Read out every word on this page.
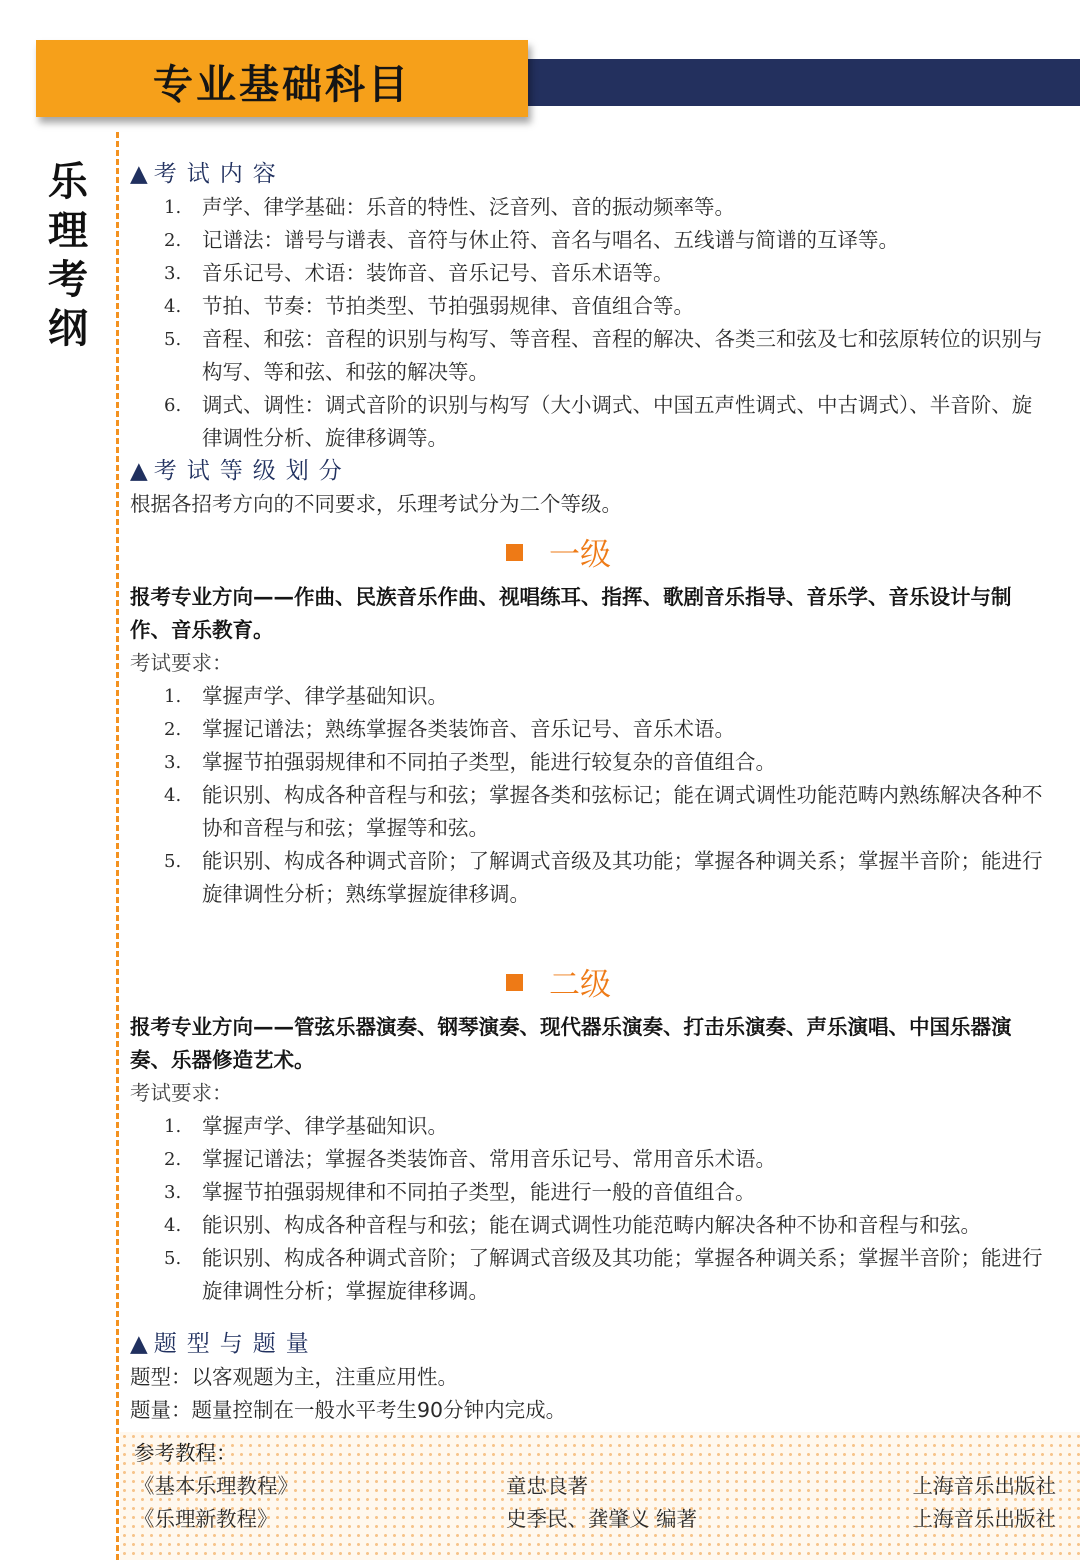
32
专业基础科目
乐
理
考
纲
▲ 考试内容
1. 声学、律学基础：乐音的特性、泛音列、音的振动频率等。
2. 记谱法：谱号与谱表、音符与休止符、音名与唱名、五线谱与简谱的互译等。
3. 音乐记号、术语：装饰音、音乐记号、音乐术语等。
4. 节拍、节奏：节拍类型、节拍强弱规律、音值组合等。
5. 音程、和弦：音程的识别与构写、等音程、音程的解决、各类三和弦及七和弦原转位的识别与构写、等和弦、和弦的解决等。
6. 调式、调性：调式音阶的识别与构写（大小调式、中国五声性调式、中古调式）、半音阶、旋律调性分析、旋律移调等。
▲ 考试等级划分
根据各招考方向的不同要求，乐理考试分为二个等级。
一级
报考专业方向——作曲、民族音乐作曲、视唱练耳、指挥、歌剧音乐指导、音乐学、音乐设计与制作、音乐教育。
考试要求：
1. 掌握声学、律学基础知识。
2. 掌握记谱法；熟练掌握各类装饰音、音乐记号、音乐术语。
3. 掌握节拍强弱规律和不同拍子类型，能进行较复杂的音值组合。
4. 能识别、构成各种音程与和弦；掌握各类和弦标记；能在调式调性功能范畴内熟练解决各种不协和音程与和弦；掌握等和弦。
5. 能识别、构成各种调式音阶；了解调式音级及其功能；掌握各种调关系；掌握半音阶；能进行旋律调性分析；熟练掌握旋律移调。
二级
报考专业方向——管弦乐器演奏、钢琴演奏、现代器乐演奏、打击乐演奏、声乐演唱、中国乐器演奏、乐器修造艺术。
考试要求：
1. 掌握声学、律学基础知识。
2. 掌握记谱法；掌握各类装饰音、常用音乐记号、常用音乐术语。
3. 掌握节拍强弱规律和不同拍子类型，能进行一般的音值组合。
4. 能识别、构成各种音程与和弦；能在调式调性功能范畴内解决各种不协和音程与和弦。
5. 能识别、构成各种调式音阶；了解调式音级及其功能；掌握各种调关系；掌握半音阶；能进行旋律调性分析；掌握旋律移调。
▲ 题型与题量
题型：以客观题为主，注重应用性。
题量：题量控制在一般水平考生90分钟内完成。
参考教程：
《基本乐理教程》	童忠良著	上海音乐出版社
《乐理新教程》	史季民、龚肇义 编著	上海音乐出版社
